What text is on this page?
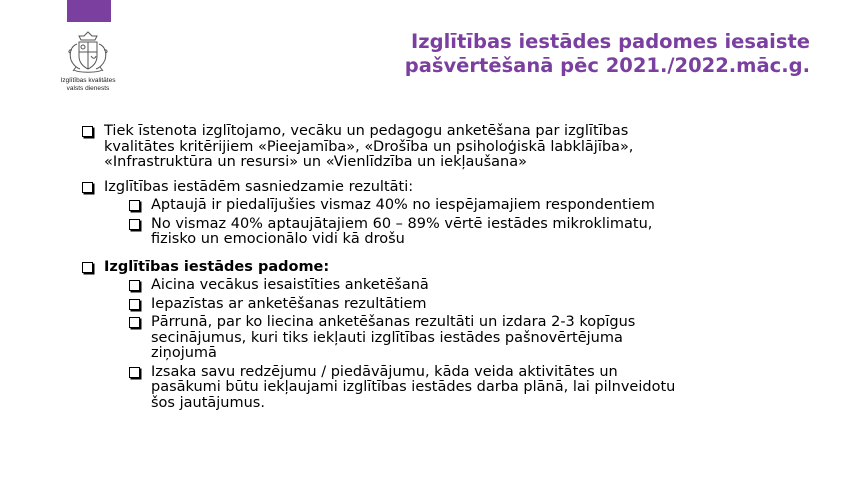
Izglītības kvalitātes
valsts dienests
Izglītības iestādes padomes iesaiste
pašvērtēšanā pēc 2021./2022.māc.g.
Tiek īstenota izglītojamo, vecāku un pedagogu anketēšana par izglītības
kvalitātes kritērijiem «Pieejamība», «Drošība un psiholoģiskā labklājība»,
«Infrastruktūra un resursi» un «Vienlīdzība un iekļaušana»
Izglītības iestādēm sasniedzamie rezultāti:
Aptaujā ir piedalījušies vismaz 40% no iespējamajiem respondentiem
No vismaz 40% aptaujātajiem 60 – 89% vērtē iestādes mikroklimatu,
fizisko un emocionālo vidi kā drošu
Izglītības iestādes padome:
Aicina vecākus iesaistīties anketēšanā
Iepazīstas ar anketēšanas rezultātiem
Pārrunā, par ko liecina anketēšanas rezultāti un izdara 2-3 kopīgus
secinājumus, kuri tiks iekļauti izglītības iestādes pašnovērtējuma
ziņojumā
Izsaka savu redzējumu / piedāvājumu, kāda veida aktivitātes un
pasākumi būtu iekļaujami izglītības iestādes darba plānā, lai pilnveidotu
šos jautājumus.
